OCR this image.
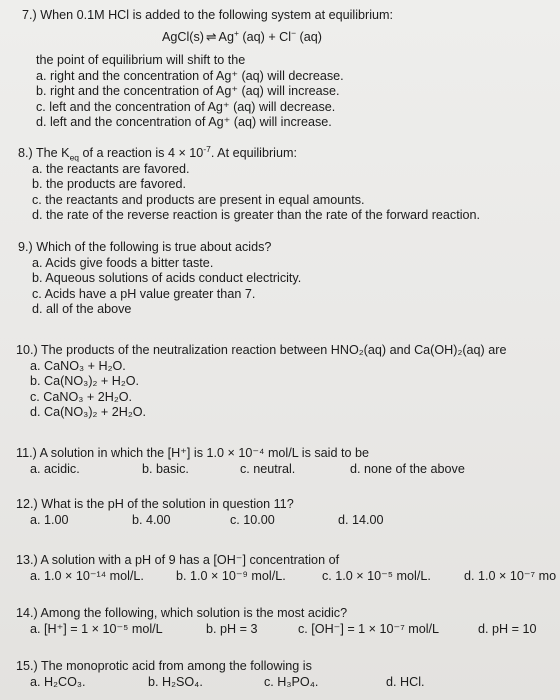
7.) When 0.1M HCl is added to the following system at equilibrium:
AgCl(s) ⇌ Ag+ (aq) + Cl− (aq)
the point of equilibrium will shift to the
a. right and the concentration of Ag⁺ (aq) will decrease.
b. right and the concentration of Ag⁺ (aq) will increase.
c. left and the concentration of Ag⁺ (aq) will decrease.
d. left and the concentration of Ag⁺ (aq) will increase.
8.) The $K_{eq}$ of a reaction is $4 \times 10^{-7}$. At equilibrium:
a. the reactants are favored.
b. the products are favored.
c. the reactants and products are present in equal amounts.
d. the rate of the reverse reaction is greater than the rate of the forward reaction.
9.) Which of the following is true about acids?
a. Acids give foods a bitter taste.
b. Aqueous solutions of acids conduct electricity.
c. Acids have a pH value greater than 7.
d. all of the above
10.) The products of the neutralization reaction between HNO₂(aq) and Ca(OH)₂(aq) are
a. CaNO₃ + H₂O.
b. Ca(NO₃)₂ + H₂O.
c. CaNO₃ + 2H₂O.
d. Ca(NO₃)₂ + 2H₂O.
11.) A solution in which the [H⁺] is 1.0 × 10⁻⁴ mol/L is said to be
a. acidic.	b. basic.	c. neutral.	d. none of the above
12.) What is the pH of the solution in question 11?
a. 1.00	b. 4.00	c. 10.00	d. 14.00
13.) A solution with a pH of 9 has a [OH⁻] concentration of
a. 1.0 × 10⁻¹⁴ mol/L.	b. 1.0 × 10⁻⁹ mol/L.	c. 1.0 × 10⁻⁵ mol/L.	d. 1.0 × 10⁻⁷ mo
14.) Among the following, which solution is the most acidic?
a. [H⁺] = 1 × 10⁻⁵ mol/L	b. pH = 3	c. [OH⁻] = 1 × 10⁻⁷ mol/L	d. pH = 10
15.) The monoprotic acid from among the following is
a. H₂CO₃.	b. H₂SO₄.	c. H₃PO₄.	d. HCl.
